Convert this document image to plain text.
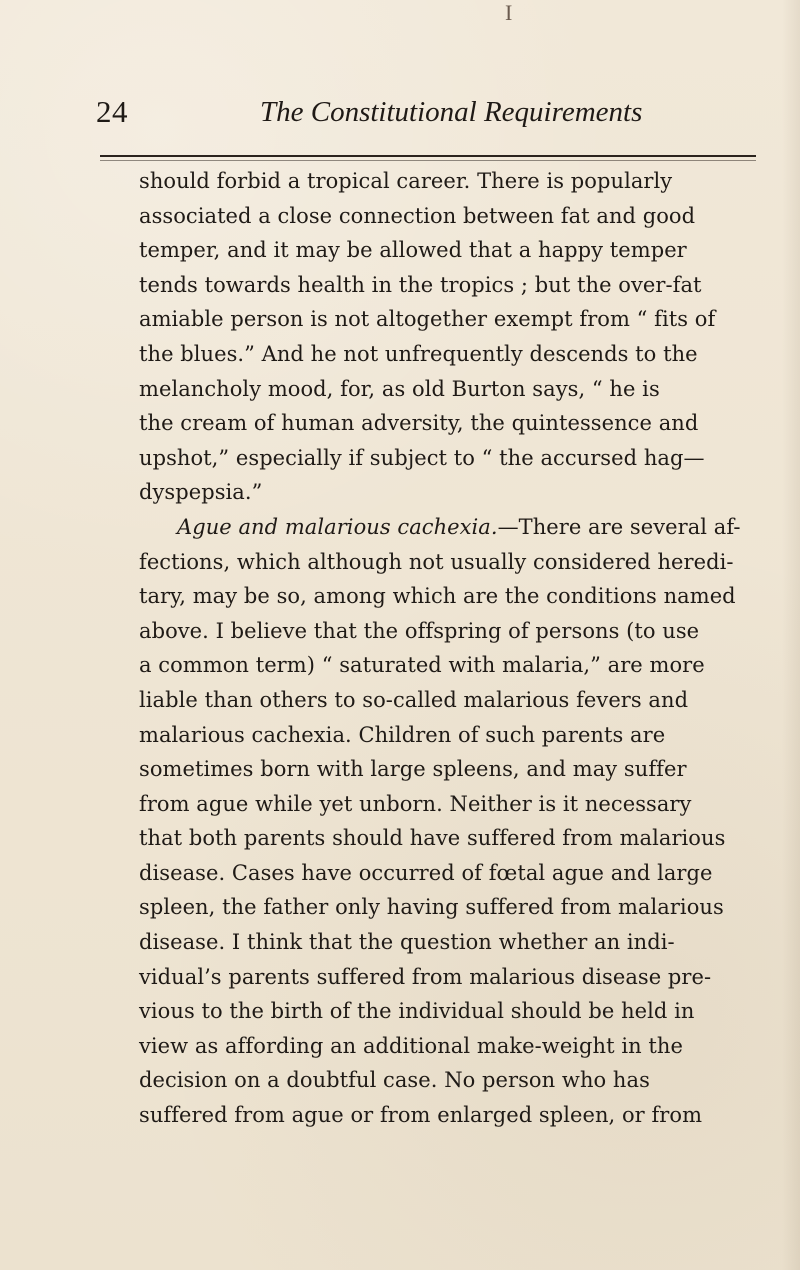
I
24	The Constitutional Requirements
should forbid a tropical career. There is popularly
associated a close connection between fat and good
temper, and it may be allowed that a happy temper
tends towards health in the tropics ; but the over-fat
amiable person is not altogether exempt from “ fits of
the blues.” And he not unfrequently descends to the
melancholy mood, for, as old Burton says, “ he is
the cream of human adversity, the quintessence and
upshot,” especially if subject to “ the accursed hag—
dyspepsia.”
Ague and malarious cachexia.—There are several af-
fections, which although not usually considered heredi-
tary, may be so, among which are the conditions named
above. I believe that the offspring of persons (to use
a common term) “ saturated with malaria,” are more
liable than others to so-called malarious fevers and
malarious cachexia. Children of such parents are
sometimes born with large spleens, and may suffer
from ague while yet unborn. Neither is it necessary
that both parents should have suffered from malarious
disease. Cases have occurred of fœtal ague and large
spleen, the father only having suffered from malarious
disease. I think that the question whether an indi-
vidual’s parents suffered from malarious disease pre-
vious to the birth of the individual should be held in
view as affording an additional make-weight in the
decision on a doubtful case. No person who has
suffered from ague or from enlarged spleen, or from
